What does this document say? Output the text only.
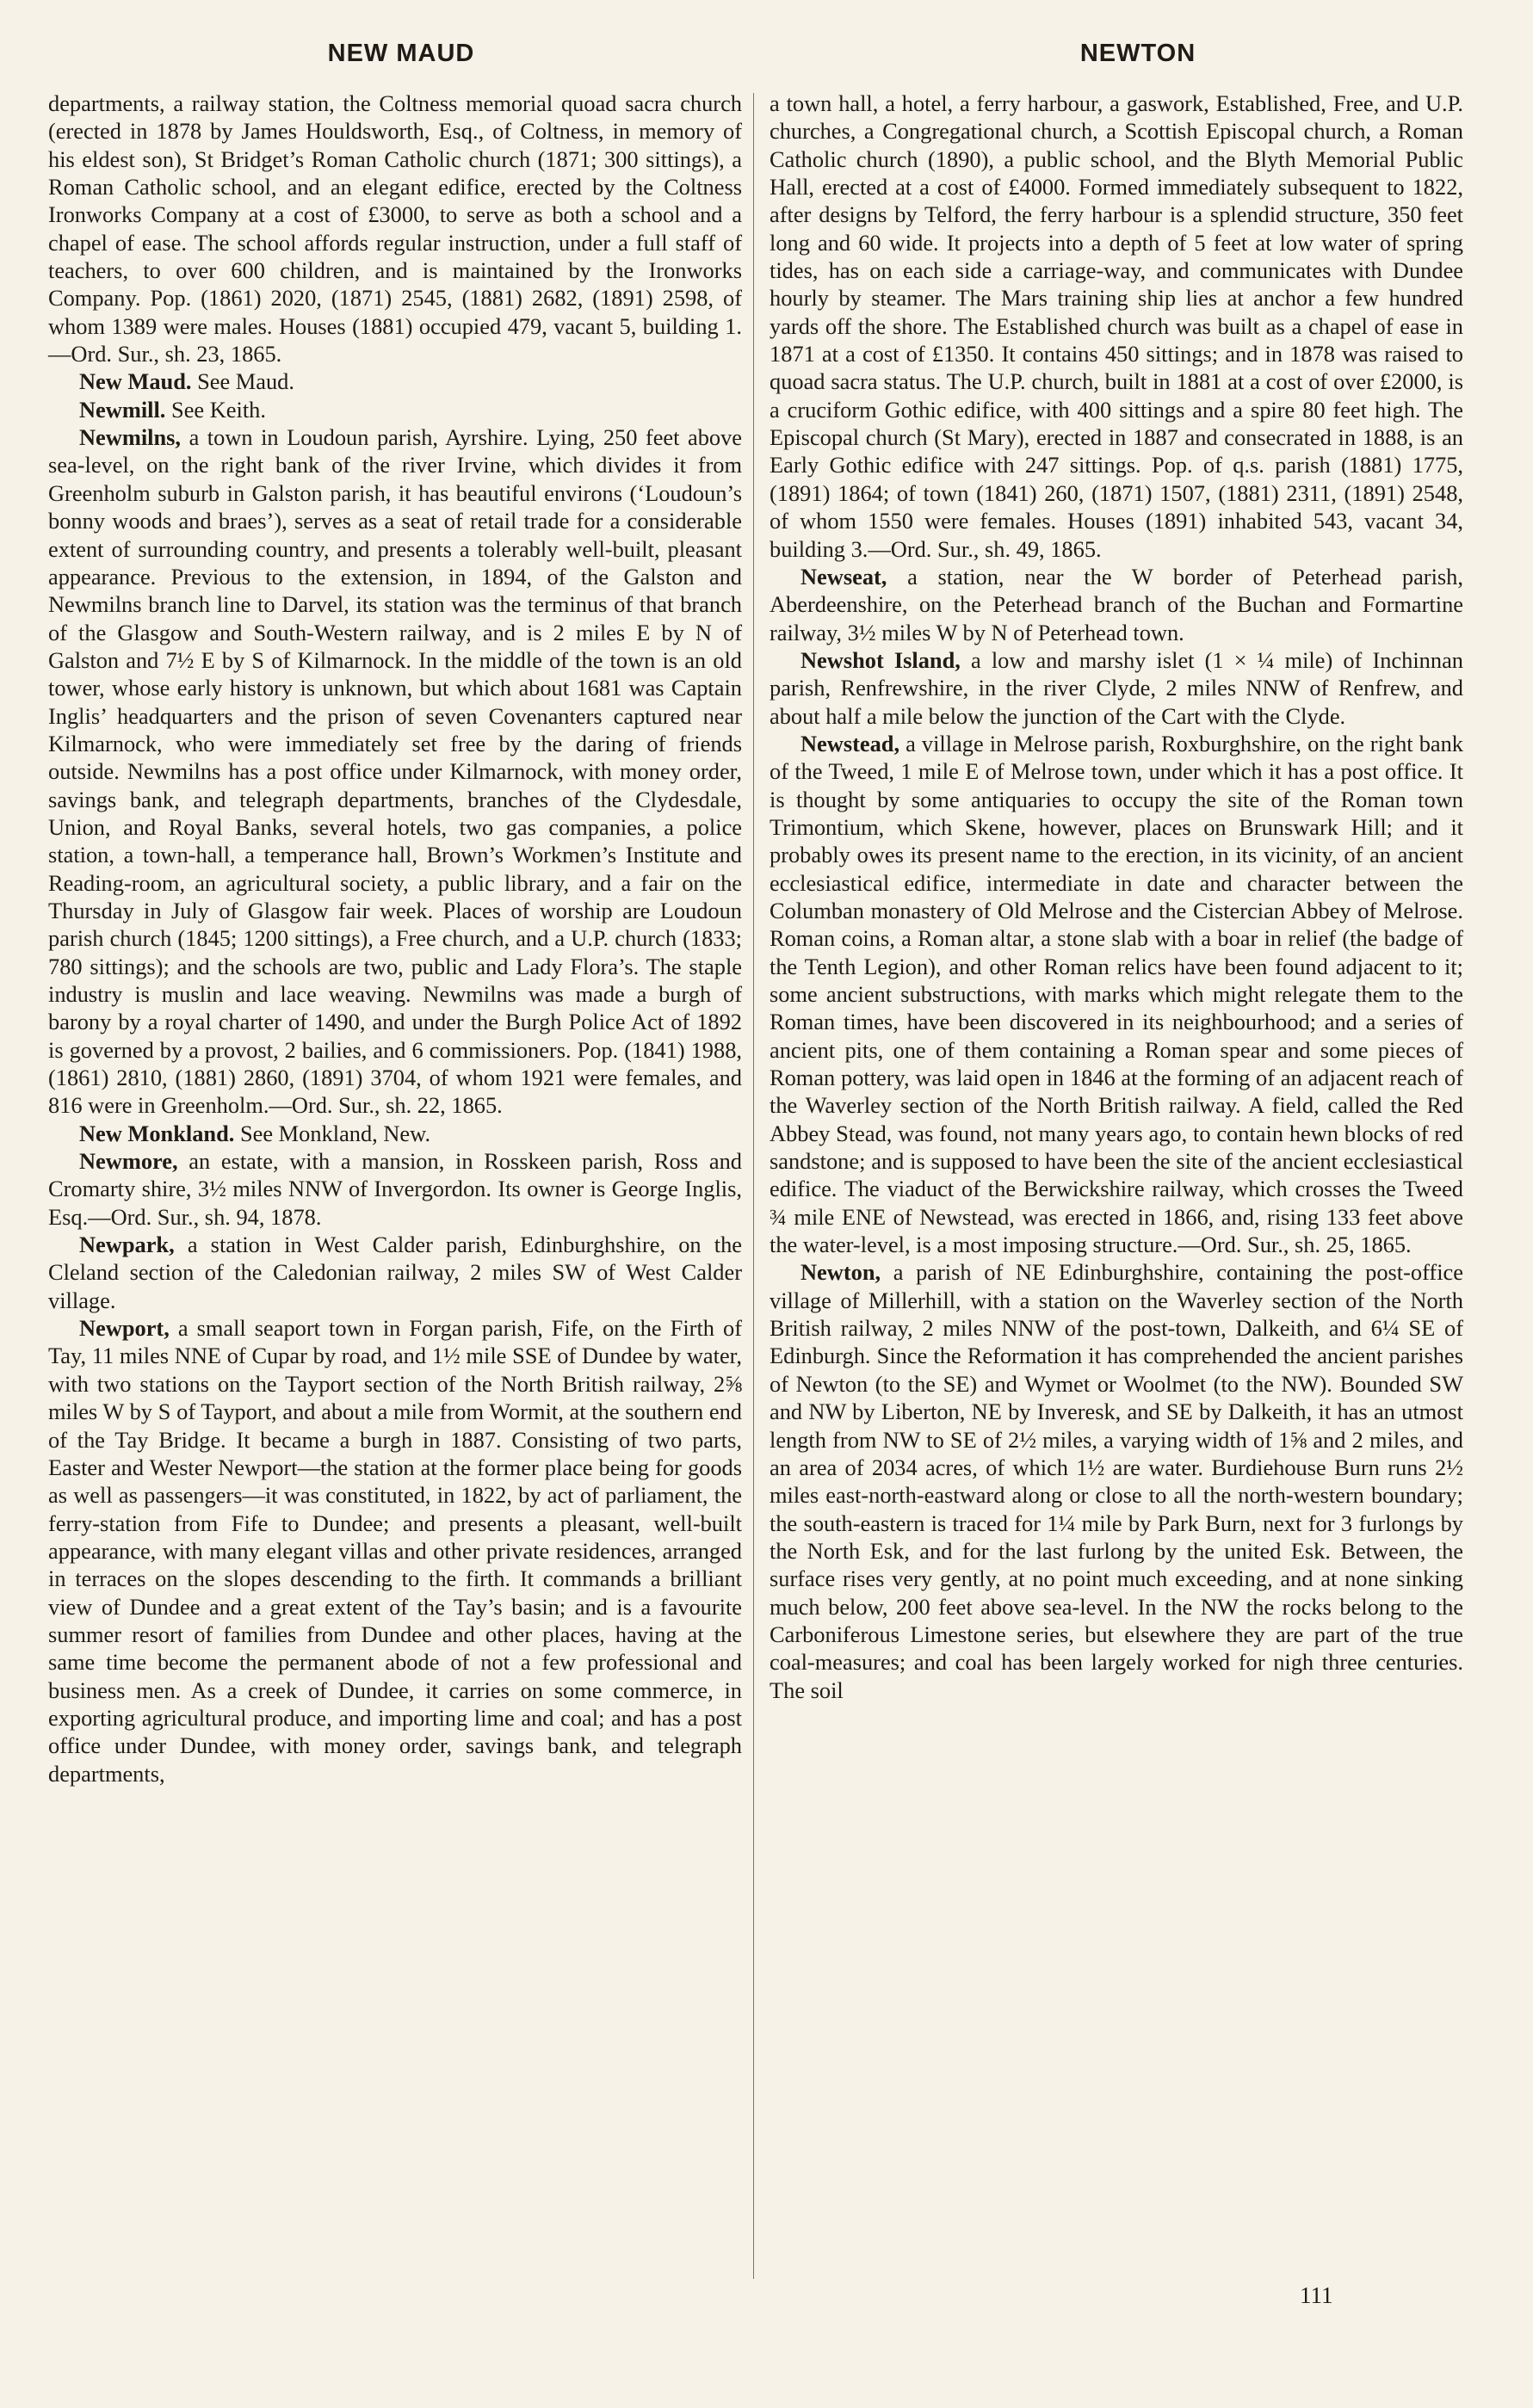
NEW MAUD	NEWTON

departments, a railway station, the Coltness memorial quoad sacra church (erected in 1878 by James Houldsworth, Esq., of Coltness, in memory of his eldest son), St Bridget’s Roman Catholic church (1871; 300 sittings), a Roman Catholic school, and an elegant edifice, erected by the Coltness Ironworks Company at a cost of £3000, to serve as both a school and a chapel of ease. The school affords regular instruction, under a full staff of teachers, to over 600 children, and is maintained by the Ironworks Company. Pop. (1861) 2020, (1871) 2545, (1881) 2682, (1891) 2598, of whom 1389 were males. Houses (1881) occupied 479, vacant 5, building 1. —Ord. Sur., sh. 23, 1865.

New Maud. See Maud.

Newmill. See Keith.

Newmilns, a town in Loudoun parish, Ayrshire. Lying, 250 feet above sea-level, on the right bank of the river Irvine, which divides it from Greenholm suburb in Galston parish, it has beautiful environs (‘Loudoun’s bonny woods and braes’), serves as a seat of retail trade for a considerable extent of surrounding country, and presents a tolerably well-built, pleasant appearance. Previous to the extension, in 1894, of the Galston and Newmilns branch line to Darvel, its station was the terminus of that branch of the Glasgow and South-Western railway, and is 2 miles E by N of Galston and 7½ E by S of Kilmarnock. In the middle of the town is an old tower, whose early history is unknown, but which about 1681 was Captain Inglis’ headquarters and the prison of seven Covenanters captured near Kilmarnock, who were immediately set free by the daring of friends outside. Newmilns has a post office under Kilmarnock, with money order, savings bank, and telegraph departments, branches of the Clydesdale, Union, and Royal Banks, several hotels, two gas companies, a police station, a town-hall, a temperance hall, Brown’s Workmen’s Institute and Reading-room, an agricultural society, a public library, and a fair on the Thursday in July of Glasgow fair week. Places of worship are Loudoun parish church (1845; 1200 sittings), a Free church, and a U.P. church (1833; 780 sittings); and the schools are two, public and Lady Flora’s. The staple industry is muslin and lace weaving. Newmilns was made a burgh of barony by a royal charter of 1490, and under the Burgh Police Act of 1892 is governed by a provost, 2 bailies, and 6 commissioners. Pop. (1841) 1988, (1861) 2810, (1881) 2860, (1891) 3704, of whom 1921 were females, and 816 were in Greenholm.—Ord. Sur., sh. 22, 1865.

New Monkland. See Monkland, New.

Newmore, an estate, with a mansion, in Rosskeen parish, Ross and Cromarty shire, 3½ miles NNW of Invergordon. Its owner is George Inglis, Esq.—Ord. Sur., sh. 94, 1878.

Newpark, a station in West Calder parish, Edinburghshire, on the Cleland section of the Caledonian railway, 2 miles SW of West Calder village.

Newport, a small seaport town in Forgan parish, Fife, on the Firth of Tay, 11 miles NNE of Cupar by road, and 1½ mile SSE of Dundee by water, with two stations on the Tayport section of the North British railway, 2⅝ miles W by S of Tayport, and about a mile from Wormit, at the southern end of the Tay Bridge. It became a burgh in 1887. Consisting of two parts, Easter and Wester Newport—the station at the former place being for goods as well as passengers—it was constituted, in 1822, by act of parliament, the ferry-station from Fife to Dundee; and presents a pleasant, well-built appearance, with many elegant villas and other private residences, arranged in terraces on the slopes descending to the firth. It commands a brilliant view of Dundee and a great extent of the Tay’s basin; and is a favourite summer resort of families from Dundee and other places, having at the same time become the permanent abode of not a few professional and business men. As a creek of Dundee, it carries on some commerce, in exporting agricultural produce, and importing lime and coal; and has a post office under Dundee, with money order, savings bank, and telegraph departments,

a town hall, a hotel, a ferry harbour, a gaswork, Established, Free, and U.P. churches, a Congregational church, a Scottish Episcopal church, a Roman Catholic church (1890), a public school, and the Blyth Memorial Public Hall, erected at a cost of £4000. Formed immediately subsequent to 1822, after designs by Telford, the ferry harbour is a splendid structure, 350 feet long and 60 wide. It projects into a depth of 5 feet at low water of spring tides, has on each side a carriage-way, and communicates with Dundee hourly by steamer. The Mars training ship lies at anchor a few hundred yards off the shore. The Established church was built as a chapel of ease in 1871 at a cost of £1350. It contains 450 sittings; and in 1878 was raised to quoad sacra status. The U.P. church, built in 1881 at a cost of over £2000, is a cruciform Gothic edifice, with 400 sittings and a spire 80 feet high. The Episcopal church (St Mary), erected in 1887 and consecrated in 1888, is an Early Gothic edifice with 247 sittings. Pop. of q.s. parish (1881) 1775, (1891) 1864; of town (1841) 260, (1871) 1507, (1881) 2311, (1891) 2548, of whom 1550 were females. Houses (1891) inhabited 543, vacant 34, building 3.—Ord. Sur., sh. 49, 1865.

Newseat, a station, near the W border of Peterhead parish, Aberdeenshire, on the Peterhead branch of the Buchan and Formartine railway, 3½ miles W by N of Peterhead town.

Newshot Island, a low and marshy islet (1 × ¼ mile) of Inchinnan parish, Renfrewshire, in the river Clyde, 2 miles NNW of Renfrew, and about half a mile below the junction of the Cart with the Clyde.

Newstead, a village in Melrose parish, Roxburghshire, on the right bank of the Tweed, 1 mile E of Melrose town, under which it has a post office. It is thought by some antiquaries to occupy the site of the Roman town Trimontium, which Skene, however, places on Brunswark Hill; and it probably owes its present name to the erection, in its vicinity, of an ancient ecclesiastical edifice, intermediate in date and character between the Columban monastery of Old Melrose and the Cistercian Abbey of Melrose. Roman coins, a Roman altar, a stone slab with a boar in relief (the badge of the Tenth Legion), and other Roman relics have been found adjacent to it; some ancient substructions, with marks which might relegate them to the Roman times, have been discovered in its neighbourhood; and a series of ancient pits, one of them containing a Roman spear and some pieces of Roman pottery, was laid open in 1846 at the forming of an adjacent reach of the Waverley section of the North British railway. A field, called the Red Abbey Stead, was found, not many years ago, to contain hewn blocks of red sandstone; and is supposed to have been the site of the ancient ecclesiastical edifice. The viaduct of the Berwickshire railway, which crosses the Tweed ¾ mile ENE of Newstead, was erected in 1866, and, rising 133 feet above the water-level, is a most imposing structure.—Ord. Sur., sh. 25, 1865.

Newton, a parish of NE Edinburghshire, containing the post-office village of Millerhill, with a station on the Waverley section of the North British railway, 2 miles NNW of the post-town, Dalkeith, and 6¼ SE of Edinburgh. Since the Reformation it has comprehended the ancient parishes of Newton (to the SE) and Wymet or Woolmet (to the NW). Bounded SW and NW by Liberton, NE by Inveresk, and SE by Dalkeith, it has an utmost length from NW to SE of 2½ miles, a varying width of 1⅝ and 2 miles, and an area of 2034 acres, of which 1½ are water. Burdiehouse Burn runs 2½ miles east-north-eastward along or close to all the north-western boundary; the south-eastern is traced for 1¼ mile by Park Burn, next for 3 furlongs by the North Esk, and for the last furlong by the united Esk. Between, the surface rises very gently, at no point much exceeding, and at none sinking much below, 200 feet above sea-level. In the NW the rocks belong to the Carboniferous Limestone series, but elsewhere they are part of the true coal-measures; and coal has been largely worked for nigh three centuries. The soil

111
